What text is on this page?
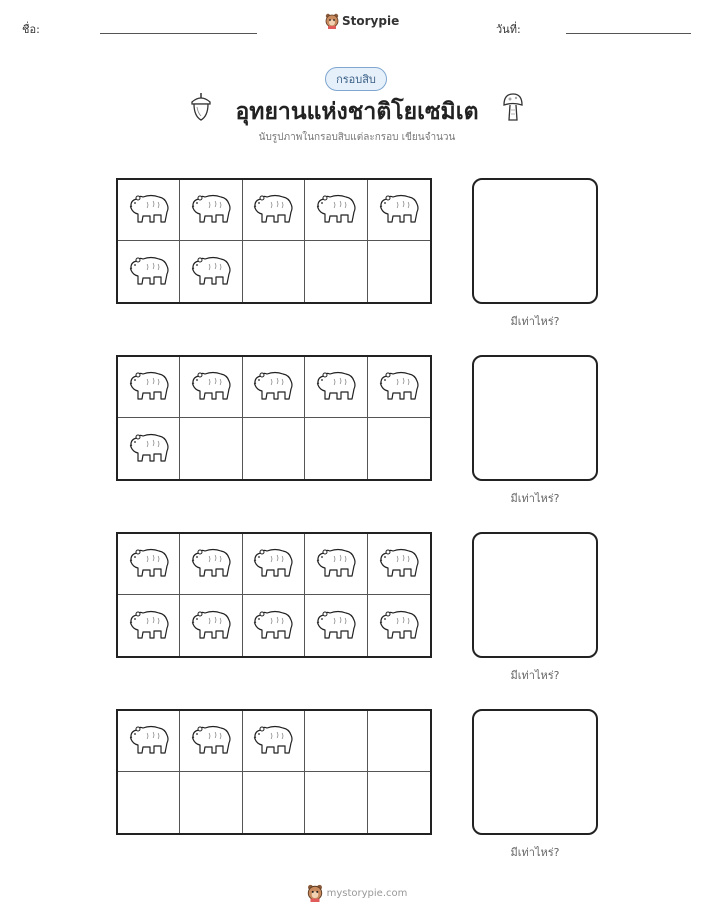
ชื่อ:
Storypie
วันที่:
กรอบสิบ
อุทยานแห่งชาติโยเซมิเต
นับรูปภาพในกรอบสิบแต่ละกรอบ เขียนจำนวน
มีเท่าไหร่?
มีเท่าไหร่?
มีเท่าไหร่?
มีเท่าไหร่?
mystorypie.com
